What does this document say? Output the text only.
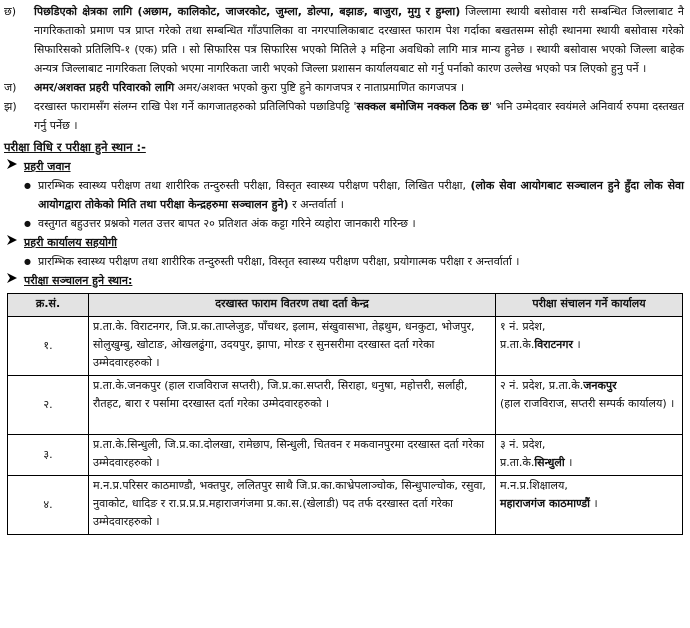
छ)	पिछडिएको क्षेत्रका लागि (अछाम, कालिकोट, जाजरकोट, जुम्ला, डोल्पा, बझाङ, बाजुरा, मुगु र हुम्ला) जिल्लामा स्थायी बसोवास गरी सम्बन्धित जिल्लाबाट नै नागरिकताको प्रमाण पत्र प्राप्त गरेको तथा सम्बन्धित गाँउपालिका वा नगरपालिकाबाट दरखास्त फाराम पेश गर्दाका बखतसम्म सोही स्थानमा स्थायी बसोवास गरेको सिफारिसको प्रतिलिपि-१ (एक) प्रति । सो सिफारिस पत्र सिफारिस भएको मितिले ३ महिना अवधिको लागि मात्र मान्य हुनेछ । स्थायी बसोवास भएको जिल्ला बाहेक अन्यत्र जिल्लाबाट नागरिकता लिएको भएमा नागरिकता जारी भएको जिल्ला प्रशासन कार्यालयबाट सो गर्नु पर्नाको कारण उल्लेख भएको पत्र लिएको हुनु पर्ने ।
ज)	अमर/अशक्त प्रहरी परिवारको लागि अमर/अशक्त भएको कुरा पुष्टि हुने कागजपत्र र नाताप्रमाणित कागजपत्र ।
झ)	दरखास्त फारामसँग संलग्न राखि पेश गर्ने कागजातहरुको प्रतिलिपिको पछाडिपट्टि 'सक्कल बमोजिम नक्कल ठिक छ' भनि उम्मेदवार स्वयंमले अनिवार्य रुपमा दस्तखत गर्नु पर्नेछ ।
परीक्षा विधि र परीक्षा हुने स्थान :-
प्रहरी जवान
● प्रारम्भिक स्वास्थ्य परीक्षण तथा शारीरिक तन्दुरुस्ती परीक्षा, विस्तृत स्वास्थ्य परीक्षण परीक्षा, लिखित परीक्षा, (लोक सेवा आयोगबाट सञ्चालन हुने हुँदा लोक सेवा आयोगद्वारा तोकेको मिति तथा परीक्षा केन्द्रहरुमा सञ्चालन हुने) र अन्तर्वार्ता ।
● वस्तुगत बहुउत्तर प्रश्नको गलत उत्तर बापत २० प्रतिशत अंक कट्टा गरिने व्यहोरा जानकारी गरिन्छ ।
प्रहरी कार्यालय सहयोगी
● प्रारम्भिक स्वास्थ्य परीक्षण तथा शारीरिक तन्दुरुस्ती परीक्षा, विस्तृत स्वास्थ्य परीक्षण परीक्षा, प्रयोगात्मक परीक्षा र अन्तर्वार्ता ।
परीक्षा सञ्चालन हुने स्थान:
क्र.सं.	दरखास्त फाराम वितरण तथा दर्ता केन्द्र	परीक्षा संचालन गर्ने कार्यालय
१.	प्र.ता.के. विराटनगर, जि.प्र.का.ताप्लेजुङ, पाँचथर, इलाम, संखुवासभा, तेह्रथुम, धनकुटा, भोजपुर, सोलुखुम्बु, खोटाङ, ओखलढुंगा, उदयपुर, झापा, मोरङ र सुनसरीमा दरखास्त दर्ता गरेका उम्मेदवारहरुको ।	१ नं. प्रदेश,
प्र.ता.के.विराटनगर ।

२.	प्र.ता.के.जनकपुर (हाल राजविराज सप्तरी), जि.प्र.का.सप्तरी, सिराहा, धनुषा, महोत्तरी, सर्लाही, रौतहट, बारा र पर्सामा दरखास्त दर्ता गरेका उम्मेदवारहरुको ।	२ नं. प्रदेश, प्र.ता.के.जनकपुर
(हाल राजविराज, सप्तरी सम्पर्क कार्यालय) ।

३.	प्र.ता.के.सिन्धुली, जि.प्र.का.दोलखा, रामेछाप, सिन्धुली, चितवन र मकवानपुरमा दरखास्त दर्ता गरेका उम्मेदवारहरुको ।	३ नं. प्रदेश,
प्र.ता.के.सिन्धुली ।

४.	म.न.प्र.परिसर काठमाण्डौ, भक्तपुर, ललितपुर साथै जि.प्र.का.काभ्रेपलाञ्चोक, सिन्धुपाल्चोक, रसुवा, नुवाकोट, धादिङ र रा.प्र.प्र.प्र.महाराजगंजमा प्र.का.स.(खेलाडी) पद तर्फ दरखास्त दर्ता गरेका उम्मेदवारहरुको ।	म.न.प्र.शिक्षालय,
महाराजगंज काठमाण्डौं ।
